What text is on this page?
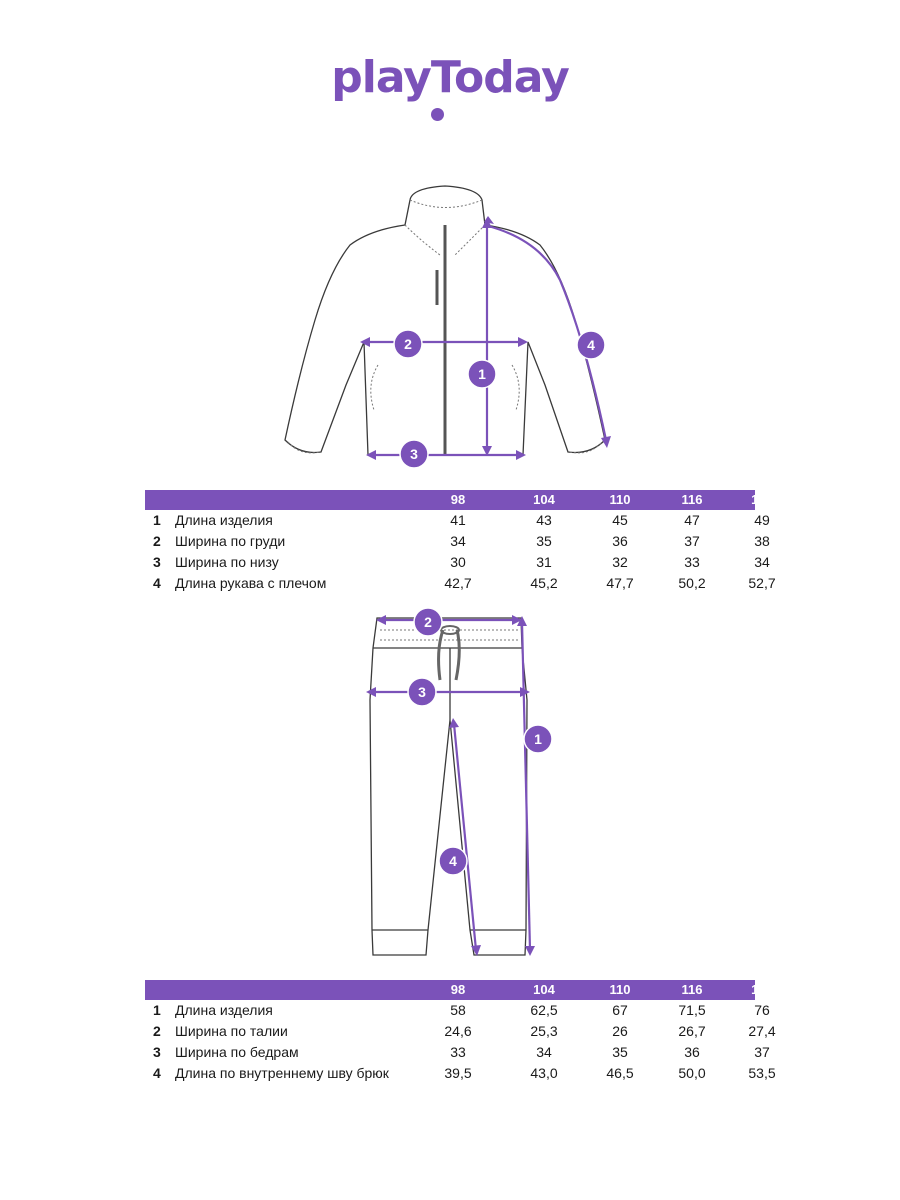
playToday
1
2
3
4
98	104	110	116	122
1 Длина изделия	41	43	45	47	49
2 Ширина по груди	34	35	36	37	38
3 Ширина по низу	30	31	32	33	34
4 Длина рукава с плечом	42,7	45,2	47,7	50,2	52,7
1
2
3
4
98	104	110	116	122
1 Длина изделия	58	62,5	67	71,5	76
2 Ширина по талии	24,6	25,3	26	26,7	27,4
3 Ширина по бедрам	33	34	35	36	37
4 Длина по внутреннему шву брюк	39,5	43,0	46,5	50,0	53,5
